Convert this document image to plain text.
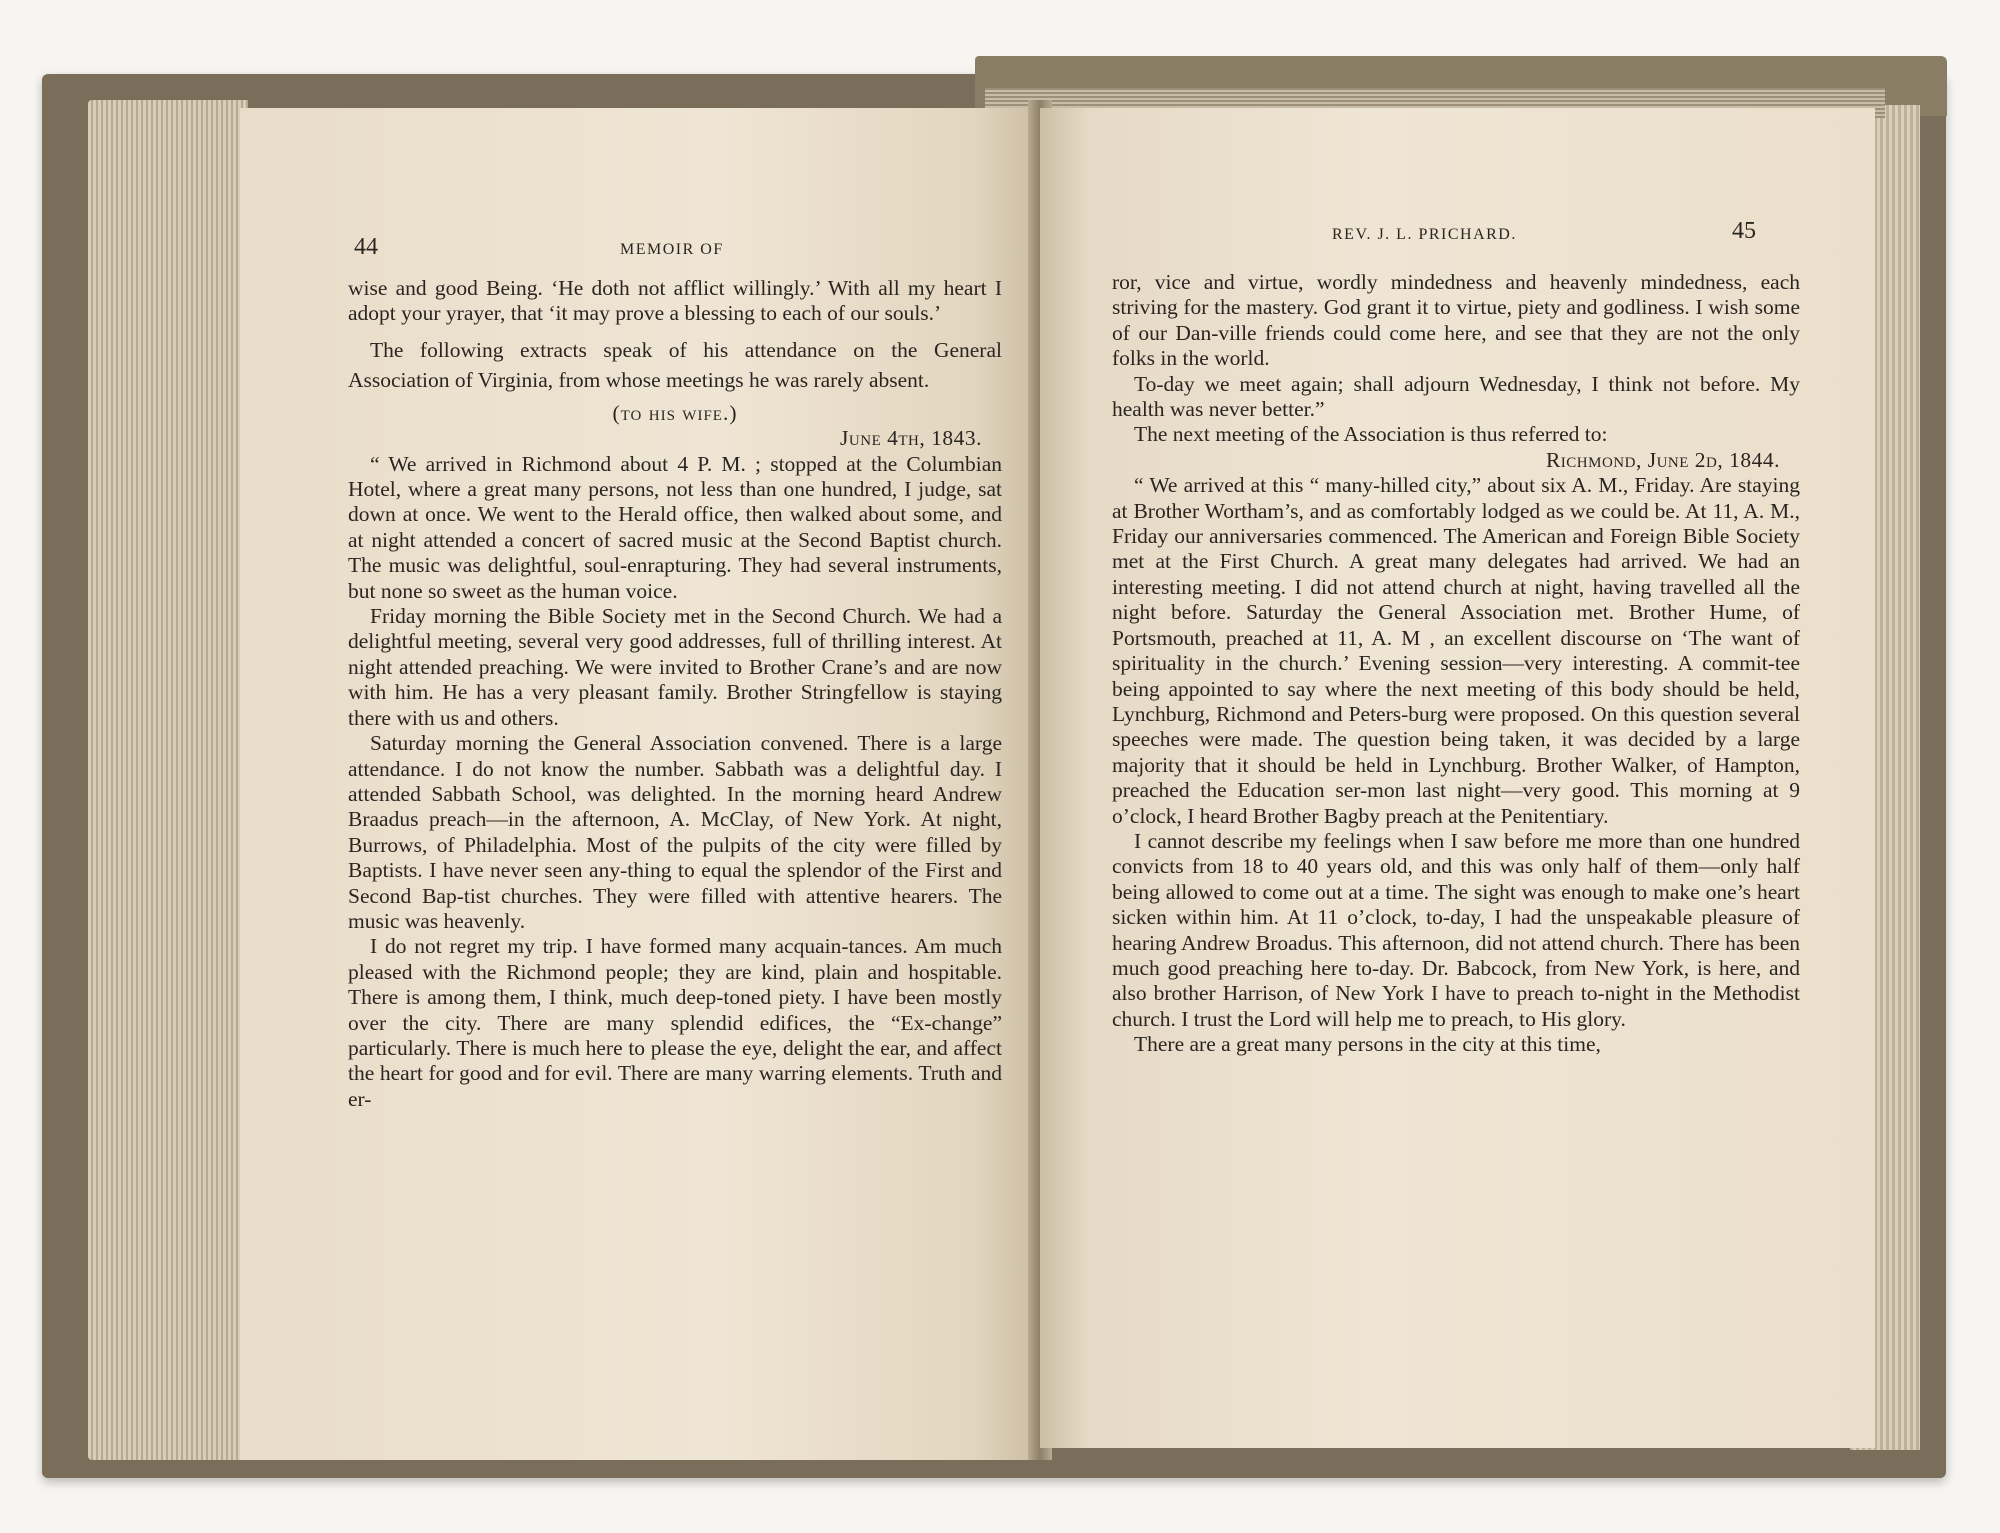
44	MEMOIR OF

wise and good Being. ‘He doth not afflict willingly.’ With all my heart I adopt your yrayer, that ‘it may prove a blessing to each of our souls.’

The following extracts speak of his attendance on the General Association of Virginia, from whose meetings he was rarely absent.

(to his wife.)

June 4th, 1843.

“ We arrived in Richmond about 4 P. M. ; stopped at the Columbian Hotel, where a great many persons, not less than one hundred, I judge, sat down at once. We went to the Herald office, then walked about some, and at night attended a concert of sacred music at the Second Baptist church. The music was delightful, soul-enrapturing. They had several instruments, but none so sweet as the human voice.

Friday morning the Bible Society met in the Second Church. We had a delightful meeting, several very good addresses, full of thrilling interest. At night attended preaching. We were invited to Brother Crane’s and are now with him. He has a very pleasant family. Brother Stringfellow is staying there with us and others.

Saturday morning the General Association convened. There is a large attendance. I do not know the number. Sabbath was a delightful day. I attended Sabbath School, was delighted. In the morning heard Andrew Braadus preach—in the afternoon, A. McClay, of New York. At night, Burrows, of Philadelphia. Most of the pulpits of the city were filled by Baptists. I have never seen any-thing to equal the splendor of the First and Second Bap-tist churches. They were filled with attentive hearers. The music was heavenly.

I do not regret my trip. I have formed many acquain-tances. Am much pleased with the Richmond people; they are kind, plain and hospitable. There is among them, I think, much deep-toned piety. I have been mostly over the city. There are many splendid edifices, the “Ex-change” particularly. There is much here to please the eye, delight the ear, and affect the heart for good and for evil. There are many warring elements. Truth and er-

REV. J. L. PRICHARD.	45

ror, vice and virtue, wordly mindedness and heavenly mindedness, each striving for the mastery. God grant it to virtue, piety and godliness. I wish some of our Dan-ville friends could come here, and see that they are not the only folks in the world.

To-day we meet again; shall adjourn Wednesday, I think not before. My health was never better.”

The next meeting of the Association is thus referred to:

Richmond, June 2d, 1844.

“ We arrived at this “ many-hilled city,” about six A. M., Friday. Are staying at Brother Wortham’s, and as comfortably lodged as we could be. At 11, A. M., Friday our anniversaries commenced. The American and Foreign Bible Society met at the First Church. A great many delegates had arrived. We had an interesting meeting. I did not attend church at night, having travelled all the night before. Saturday the General Association met. Brother Hume, of Portsmouth, preached at 11, A. M , an excellent discourse on ‘The want of spirituality in the church.’ Evening session—very interesting. A commit-tee being appointed to say where the next meeting of this body should be held, Lynchburg, Richmond and Peters-burg were proposed. On this question several speeches were made. The question being taken, it was decided by a large majority that it should be held in Lynchburg. Brother Walker, of Hampton, preached the Education ser-mon last night—very good. This morning at 9 o’clock, I heard Brother Bagby preach at the Penitentiary.

I cannot describe my feelings when I saw before me more than one hundred convicts from 18 to 40 years old, and this was only half of them—only half being allowed to come out at a time. The sight was enough to make one’s heart sicken within him. At 11 o’clock, to-day, I had the unspeakable pleasure of hearing Andrew Broadus. This afternoon, did not attend church. There has been much good preaching here to-day. Dr. Babcock, from New York, is here, and also brother Harrison, of New York I have to preach to-night in the Methodist church. I trust the Lord will help me to preach, to His glory.

There are a great many persons in the city at this time,
